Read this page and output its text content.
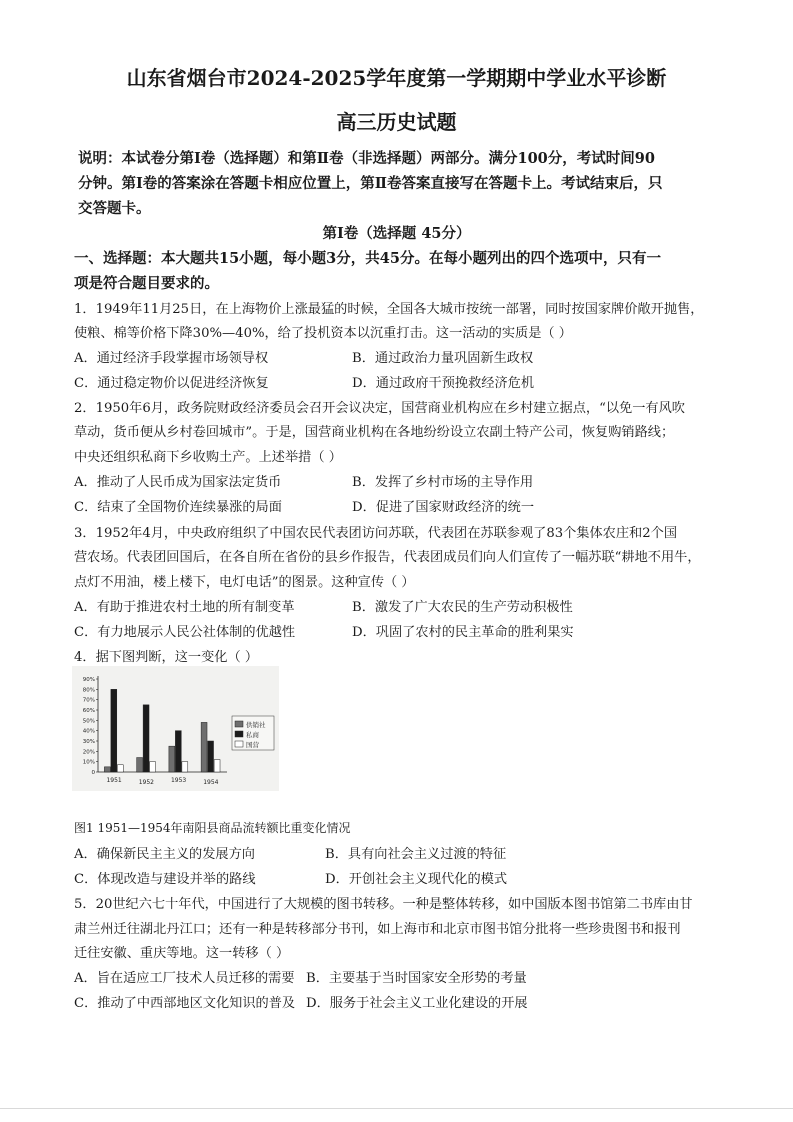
山东省烟台市2024-2025学年度第一学期期中学业水平诊断
高三历史试题
说明：本试卷分第Ⅰ卷（选择题）和第Ⅱ卷（非选择题）两部分。满分100分，考试时间90
分钟。第Ⅰ卷的答案涂在答题卡相应位置上，第Ⅱ卷答案直接写在答题卡上。考试结束后，只
交答题卡。
第Ⅰ卷（选择题 45分）
一、选择题：本大题共15小题，每小题3分，共45分。在每小题列出的四个选项中，只有一
项是符合题目要求的。
1．1949年11月25日，在上海物价上涨最猛的时候，全国各大城市按统一部署，同时按国家牌价敞开抛售，
使粮、棉等价格下降30%—40%，给了投机资本以沉重打击。这一活动的实质是（ ）
A．通过经济手段掌握市场领导权	B．通过政治力量巩固新生政权
C．通过稳定物价以促进经济恢复	D．通过政府干预挽救经济危机
2．1950年6月，政务院财政经济委员会召开会议决定，国营商业机构应在乡村建立据点，“以免一有风吹
草动，货币便从乡村卷回城市”。于是，国营商业机构在各地纷纷设立农副土特产公司，恢复购销路线；
中央还组织私商下乡收购土产。上述举措（ ）
A．推动了人民币成为国家法定货币	B．发挥了乡村市场的主导作用
C．结束了全国物价连续暴涨的局面	D．促进了国家财政经济的统一
3．1952年4月，中央政府组织了中国农民代表团访问苏联，代表团在苏联参观了83个集体农庄和2个国
营农场。代表团回国后，在各自所在省份的县乡作报告，代表团成员们向人们宣传了一幅苏联“耕地不用牛，
点灯不用油，楼上楼下，电灯电话”的图景。这种宣传（ ）
A．有助于推进农村土地的所有制变革	B．激发了广大农民的生产劳动积极性
C．有力地展示人民公社体制的优越性	D．巩固了农村的民主革命的胜利果实
4．据下图判断，这一变化（ ）
0
10%
20%
30%
40%
50%
60%
70%
80%
90%
1951	1952	1953	1954
供销社
私商
国营
图1 1951—1954年南阳县商品流转额比重变化情况
A．确保新民主主义的发展方向	B．具有向社会主义过渡的特征
C．体现改造与建设并举的路线	D．开创社会主义现代化的模式
5．20世纪六七十年代，中国进行了大规模的图书转移。一种是整体转移，如中国版本图书馆第二书库由甘
肃兰州迁往湖北丹江口；还有一种是转移部分书刊，如上海市和北京市图书馆分批将一些珍贵图书和报刊
迁往安徽、重庆等地。这一转移（ ）
A．旨在适应工厂技术人员迁移的需要 B．主要基于当时国家安全形势的考量
C．推动了中西部地区文化知识的普及 D．服务于社会主义工业化建设的开展
